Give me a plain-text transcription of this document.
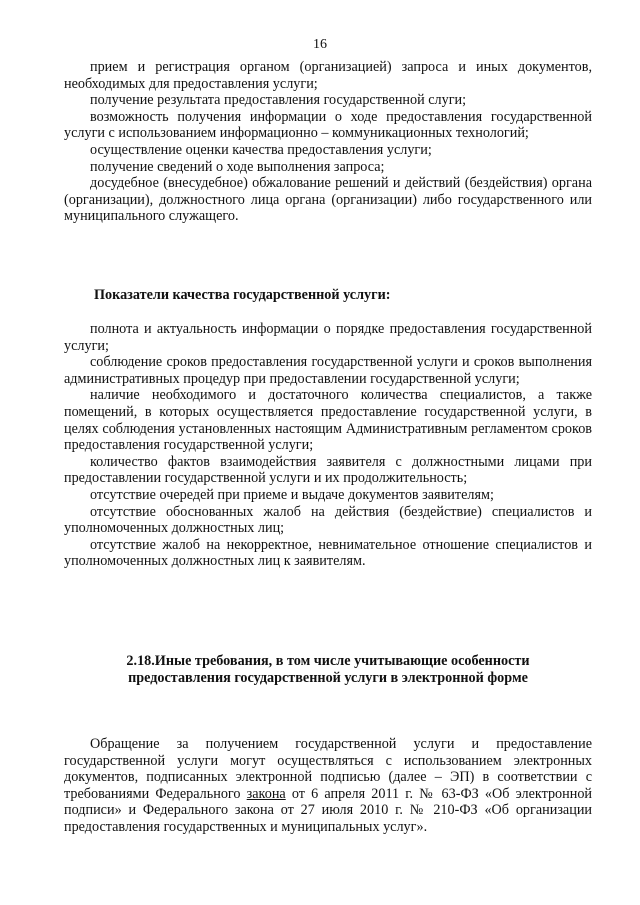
16

прием и регистрация органом (организацией) запроса и иных документов, необходимых для предоставления услуги;

получение результата предоставления государственной слуги;

возможность получения информации о ходе предоставления государственной услуги с использованием информационно – коммуникационных технологий;

осуществление оценки качества предоставления услуги;

получение сведений о ходе выполнения запроса;

досудебное (внесудебное) обжалование решений и действий (бездействия) органа (организации), должностного лица органа (организации) либо государственного или муниципального служащего.

Показатели качества государственной услуги:

полнота и актуальность информации о порядке предоставления государственной услуги;

соблюдение сроков предоставления государственной услуги и сроков выполнения административных процедур при предоставлении государственной услуги;

наличие необходимого и достаточного количества специалистов, а также помещений, в которых осуществляется предоставление государственной услуги, в целях соблюдения установленных настоящим Административным регламентом сроков предоставления государственной услуги;

количество фактов взаимодействия заявителя с должностными лицами при предоставлении государственной услуги и их продолжительность;

отсутствие очередей при приеме и выдаче документов заявителям;

отсутствие обоснованных жалоб на действия (бездействие) специалистов и уполномоченных должностных лиц;

отсутствие жалоб на некорректное, невнимательное отношение специалистов и уполномоченных должностных лиц к заявителям.

2.18.Иные требования, в том числе учитывающие особенности

предоставления государственной услуги в электронной форме

Обращение за получением государственной услуги и предоставление государственной услуги могут осуществляться с использованием электронных документов, подписанных электронной подписью (далее – ЭП) в соответствии с требованиями Федерального закона от 6 апреля 2011 г. № 63-ФЗ «Об электронной подписи» и Федерального закона от 27 июля 2010 г. № 210-ФЗ «Об организации предоставления государственных и муниципальных услуг».
